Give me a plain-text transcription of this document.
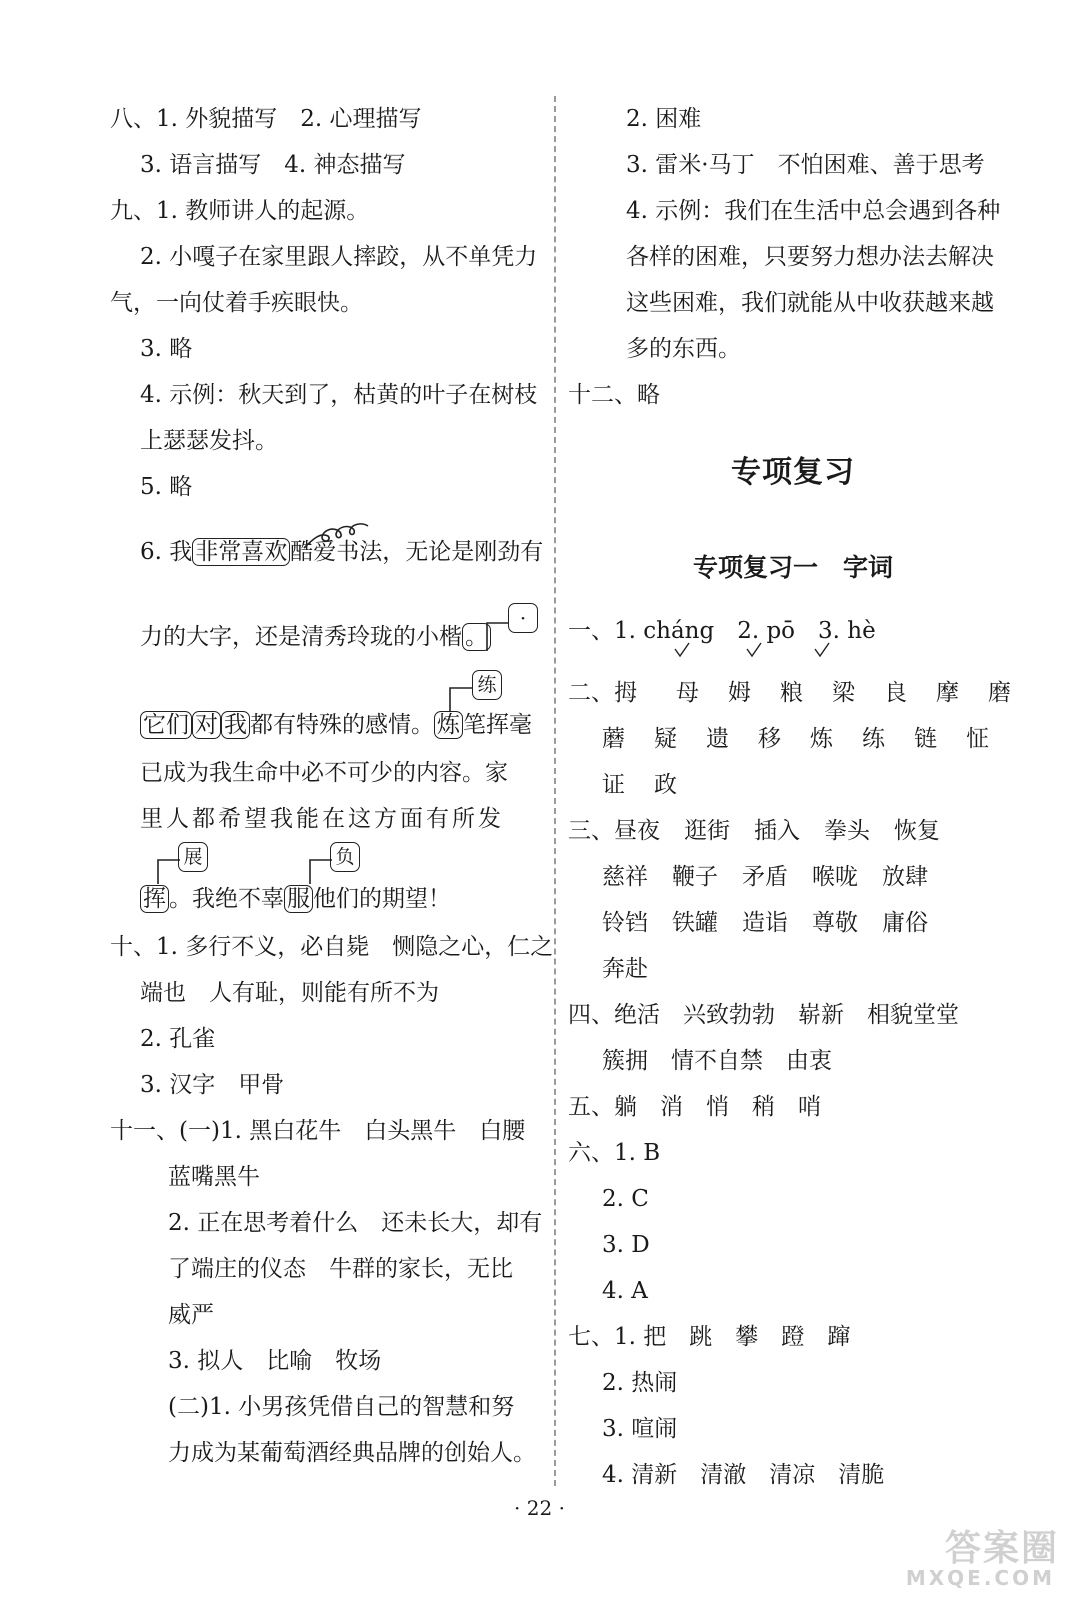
八、1. 外貌描写　2. 心理描写
3. 语言描写　4. 神态描写
九、1. 教师讲人的起源。
2. 小嘎子在家里跟人摔跤，从不单凭力
气，一向仗着手疾眼快。
3. 略
4. 示例：秋天到了，枯黄的叶子在树枝
上瑟瑟发抖。
5. 略
6. 我 非常喜欢 酷爱书法，无论是刚劲有
力的大字，还是清秀玲珑的小楷 。
·
它们 对 我 都有特殊的感情。 炼 笔挥毫
练
已成为我生命中必不可少的内容。家
里人都希望我能在这方面有所发
挥 。我绝不辜 服 他们的期望！
展	负
十、1. 多行不义，必自毙　恻隐之心，仁之
端也　人有耻，则能有所不为
2. 孔雀
3. 汉字　甲骨
十一、(一)1. 黑白花牛　白头黑牛　白腰
蓝嘴黑牛
2. 正在思考着什么　还未长大，却有
了端庄的仪态　牛群的家长，无比
威严
3. 拟人　比喻　牧场
(二)1. 小男孩凭借自己的智慧和努
力成为某葡萄酒经典品牌的创始人。
2. 困难
3. 雷米·马丁　不怕困难、善于思考
4. 示例：我们在生活中总会遇到各种
各样的困难，只要努力想办法去解决
这些困难，我们就能从中收获越来越
多的东西。
十二、略
专项复习
专项复习一　字词
一、1. cháng　2. pō　3. hè
二、拇 母 姆 粮 梁 良 摩 磨
蘑 疑 遗 移 炼 练 链 怔
证 政
三、昼夜 逛街 插入 拳头 恢复
慈祥 鞭子 矛盾 喉咙 放肆
铃铛 铁罐 造诣 尊敬 庸俗
奔赴
四、绝活　兴致勃勃　崭新　相貌堂堂
簇拥　情不自禁　由衷
五、躺　消　悄　稍　哨
六、1. B
2. C
3. D
4. A
七、1. 把　跳　攀　蹬　蹿
2. 热闹
3. 喧闹
4. 清新　清澈　清凉　清脆
· 22 ·
答案圈
MXQE.COM
